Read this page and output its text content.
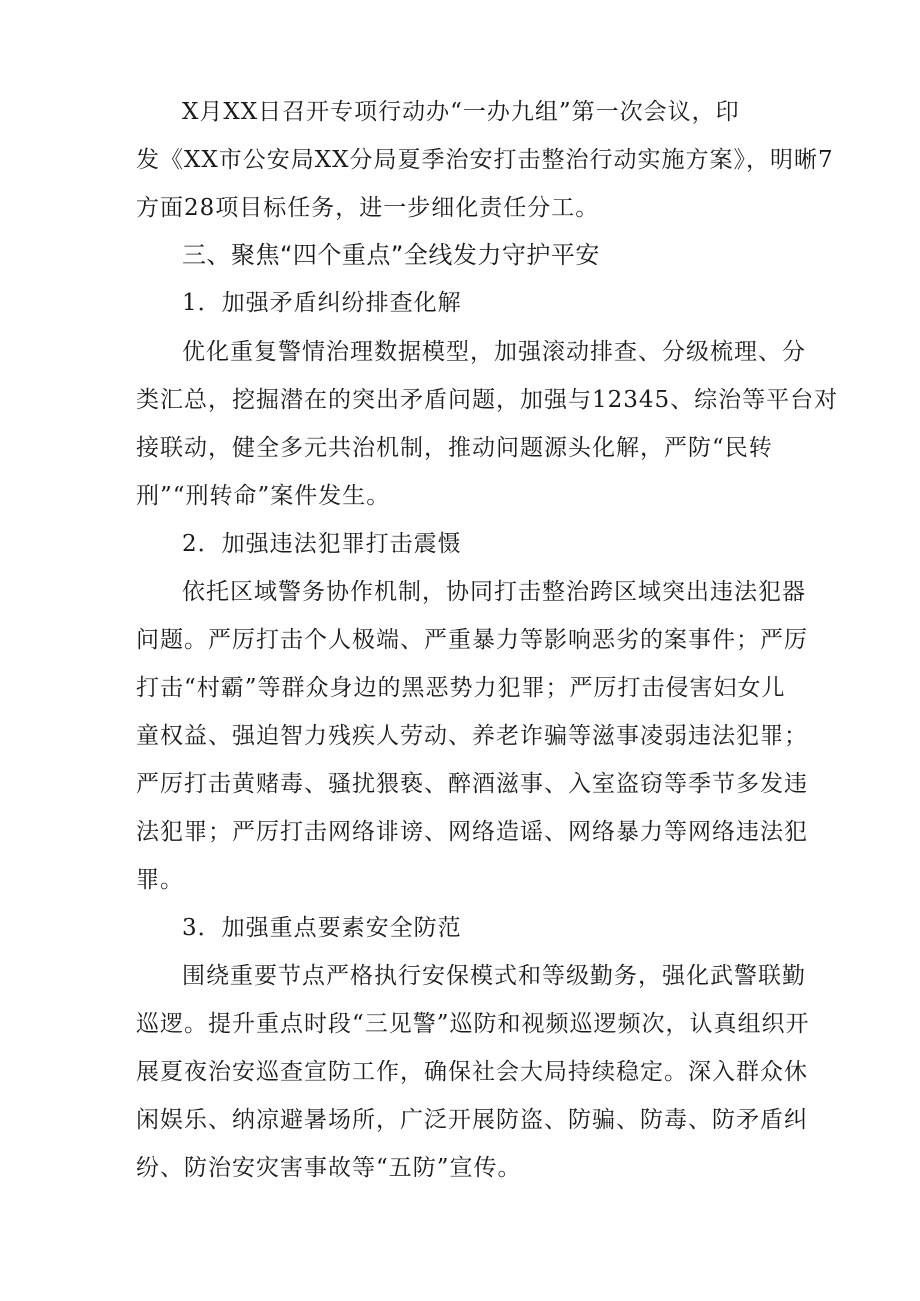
X月XX日召开专项行动办“一办九组”第一次会议，印
发《XX市公安局XX分局夏季治安打击整治行动实施方案》，明晰7
方面28项目标任务，进一步细化责任分工。
三、聚焦“四个重点”全线发力守护平安
1．加强矛盾纠纷排查化解
优化重复警情治理数据模型，加强滚动排查、分级梳理、分
类汇总，挖掘潜在的突出矛盾问题，加强与12345、综治等平台对
接联动，健全多元共治机制，推动问题源头化解，严防“民转
刑”“刑转命”案件发生。
2．加强违法犯罪打击震慑
依托区域警务协作机制，协同打击整治跨区域突出违法犯器
问题。严厉打击个人极端、严重暴力等影响恶劣的案事件；严厉
打击“村霸”等群众身边的黑恶势力犯罪；严厉打击侵害妇女儿
童权益、强迫智力残疾人劳动、养老诈骗等滋事凌弱违法犯罪；
严厉打击黄赌毒、骚扰猥亵、醉酒滋事、入室盗窃等季节多发违
法犯罪；严厉打击网络诽谤、网络造谣、网络暴力等网络违法犯
罪。
3．加强重点要素安全防范
围绕重要节点严格执行安保模式和等级勤务，强化武警联勤
巡逻。提升重点时段“三见警”巡防和视频巡逻频次，认真组织开
展夏夜治安巡查宣防工作，确保社会大局持续稳定。深入群众休
闲娱乐、纳凉避暑场所，广泛开展防盗、防骗、防毒、防矛盾纠
纷、防治安灾害事故等“五防”宣传。
